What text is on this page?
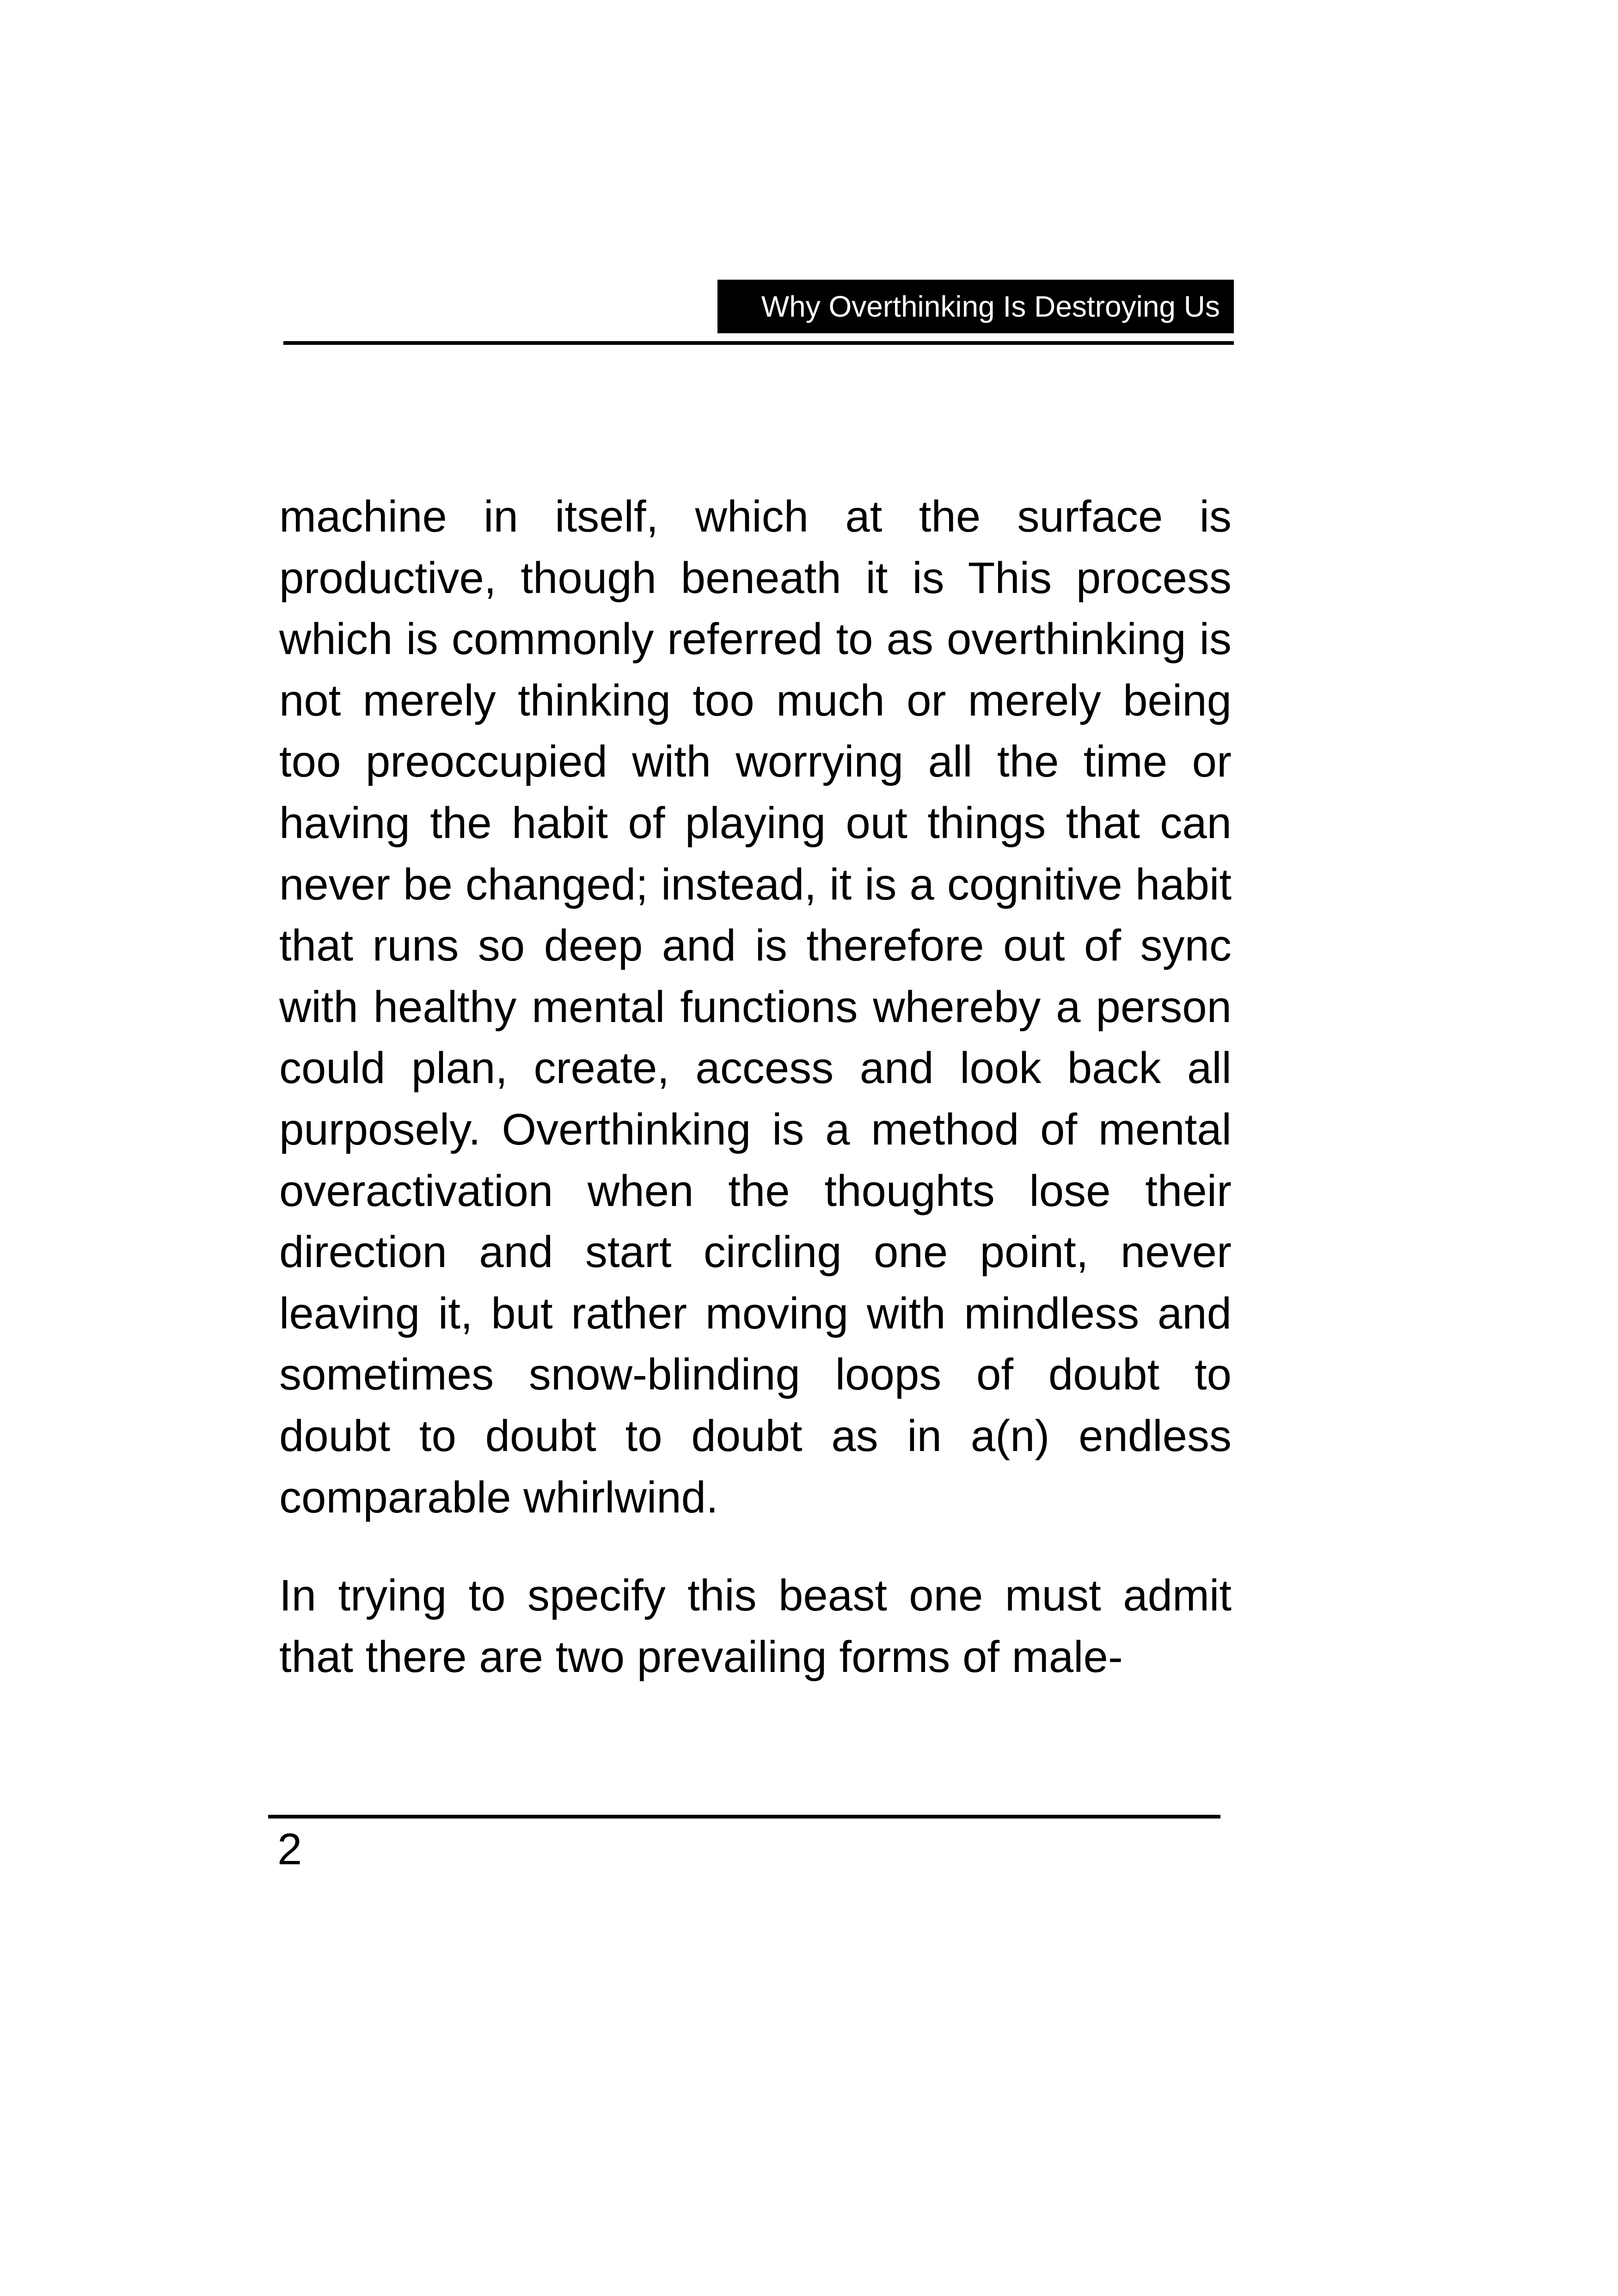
Why Overthinking Is Destroying Us

machine in itself, which at the surface is productive, though beneath it is This process which is commonly referred to as overthinking is not merely thinking too much or merely being too preoccupied with worrying all the time or having the habit of playing out things that can never be changed; instead, it is a cognitive habit that runs so deep and is therefore out of sync with healthy mental functions whereby a person could plan, create, access and look back all purposely. Overthinking is a method of mental overactivation when the thoughts lose their direction and start circling one point, never leaving it, but rather moving with mindless and sometimes snow-blinding loops of doubt to doubt to doubt to doubt as in a(n) endless comparable whirlwind.

In trying to specify this beast one must admit that there are two prevailing forms of male-

2
